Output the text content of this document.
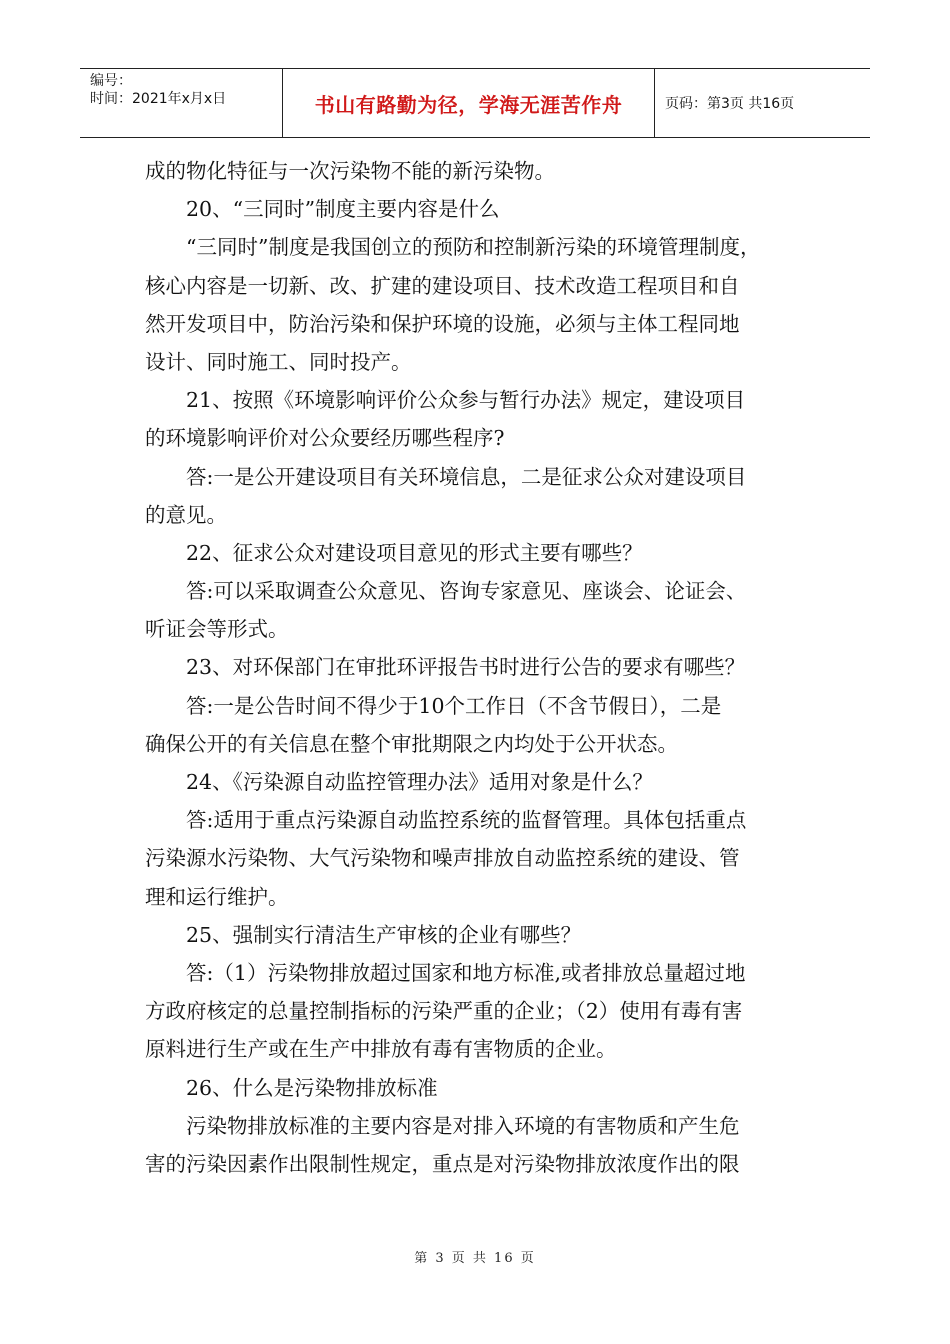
编号：
时间：2021年x月x日	书山有路勤为径，学海无涯苦作舟	页码：第3页 共16页
成的物化特征与一次污染物不能的新污染物。
20、“三同时”制度主要内容是什么
“三同时”制度是我国创立的预防和控制新污染的环境管理制度，
核心内容是一切新、改、扩建的建设项目、技术改造工程项目和自
然开发项目中，防治污染和保护环境的设施，必须与主体工程同地
设计、同时施工、同时投产。
21、按照《环境影响评价公众参与暂行办法》规定，建设项目
的环境影响评价对公众要经历哪些程序?
答:一是公开建设项目有关环境信息，二是征求公众对建设项目
的意见。
22、征求公众对建设项目意见的形式主要有哪些？
答:可以采取调查公众意见、咨询专家意见、座谈会、论证会、
听证会等形式。
23、对环保部门在审批环评报告书时进行公告的要求有哪些？
答:一是公告时间不得少于10个工作日（不含节假日），二是
确保公开的有关信息在整个审批期限之内均处于公开状态。
24、《污染源自动监控管理办法》适用对象是什么？
答:适用于重点污染源自动监控系统的监督管理。具体包括重点
污染源水污染物、大气污染物和噪声排放自动监控系统的建设、管
理和运行维护。
25、强制实行清洁生产审核的企业有哪些？
答:（1）污染物排放超过国家和地方标准,或者排放总量超过地
方政府核定的总量控制指标的污染严重的企业；（2）使用有毒有害
原料进行生产或在生产中排放有毒有害物质的企业。
26、什么是污染物排放标准
污染物排放标准的主要内容是对排入环境的有害物质和产生危
害的污染因素作出限制性规定，重点是对污染物排放浓度作出的限
第 3 页 共 16 页
